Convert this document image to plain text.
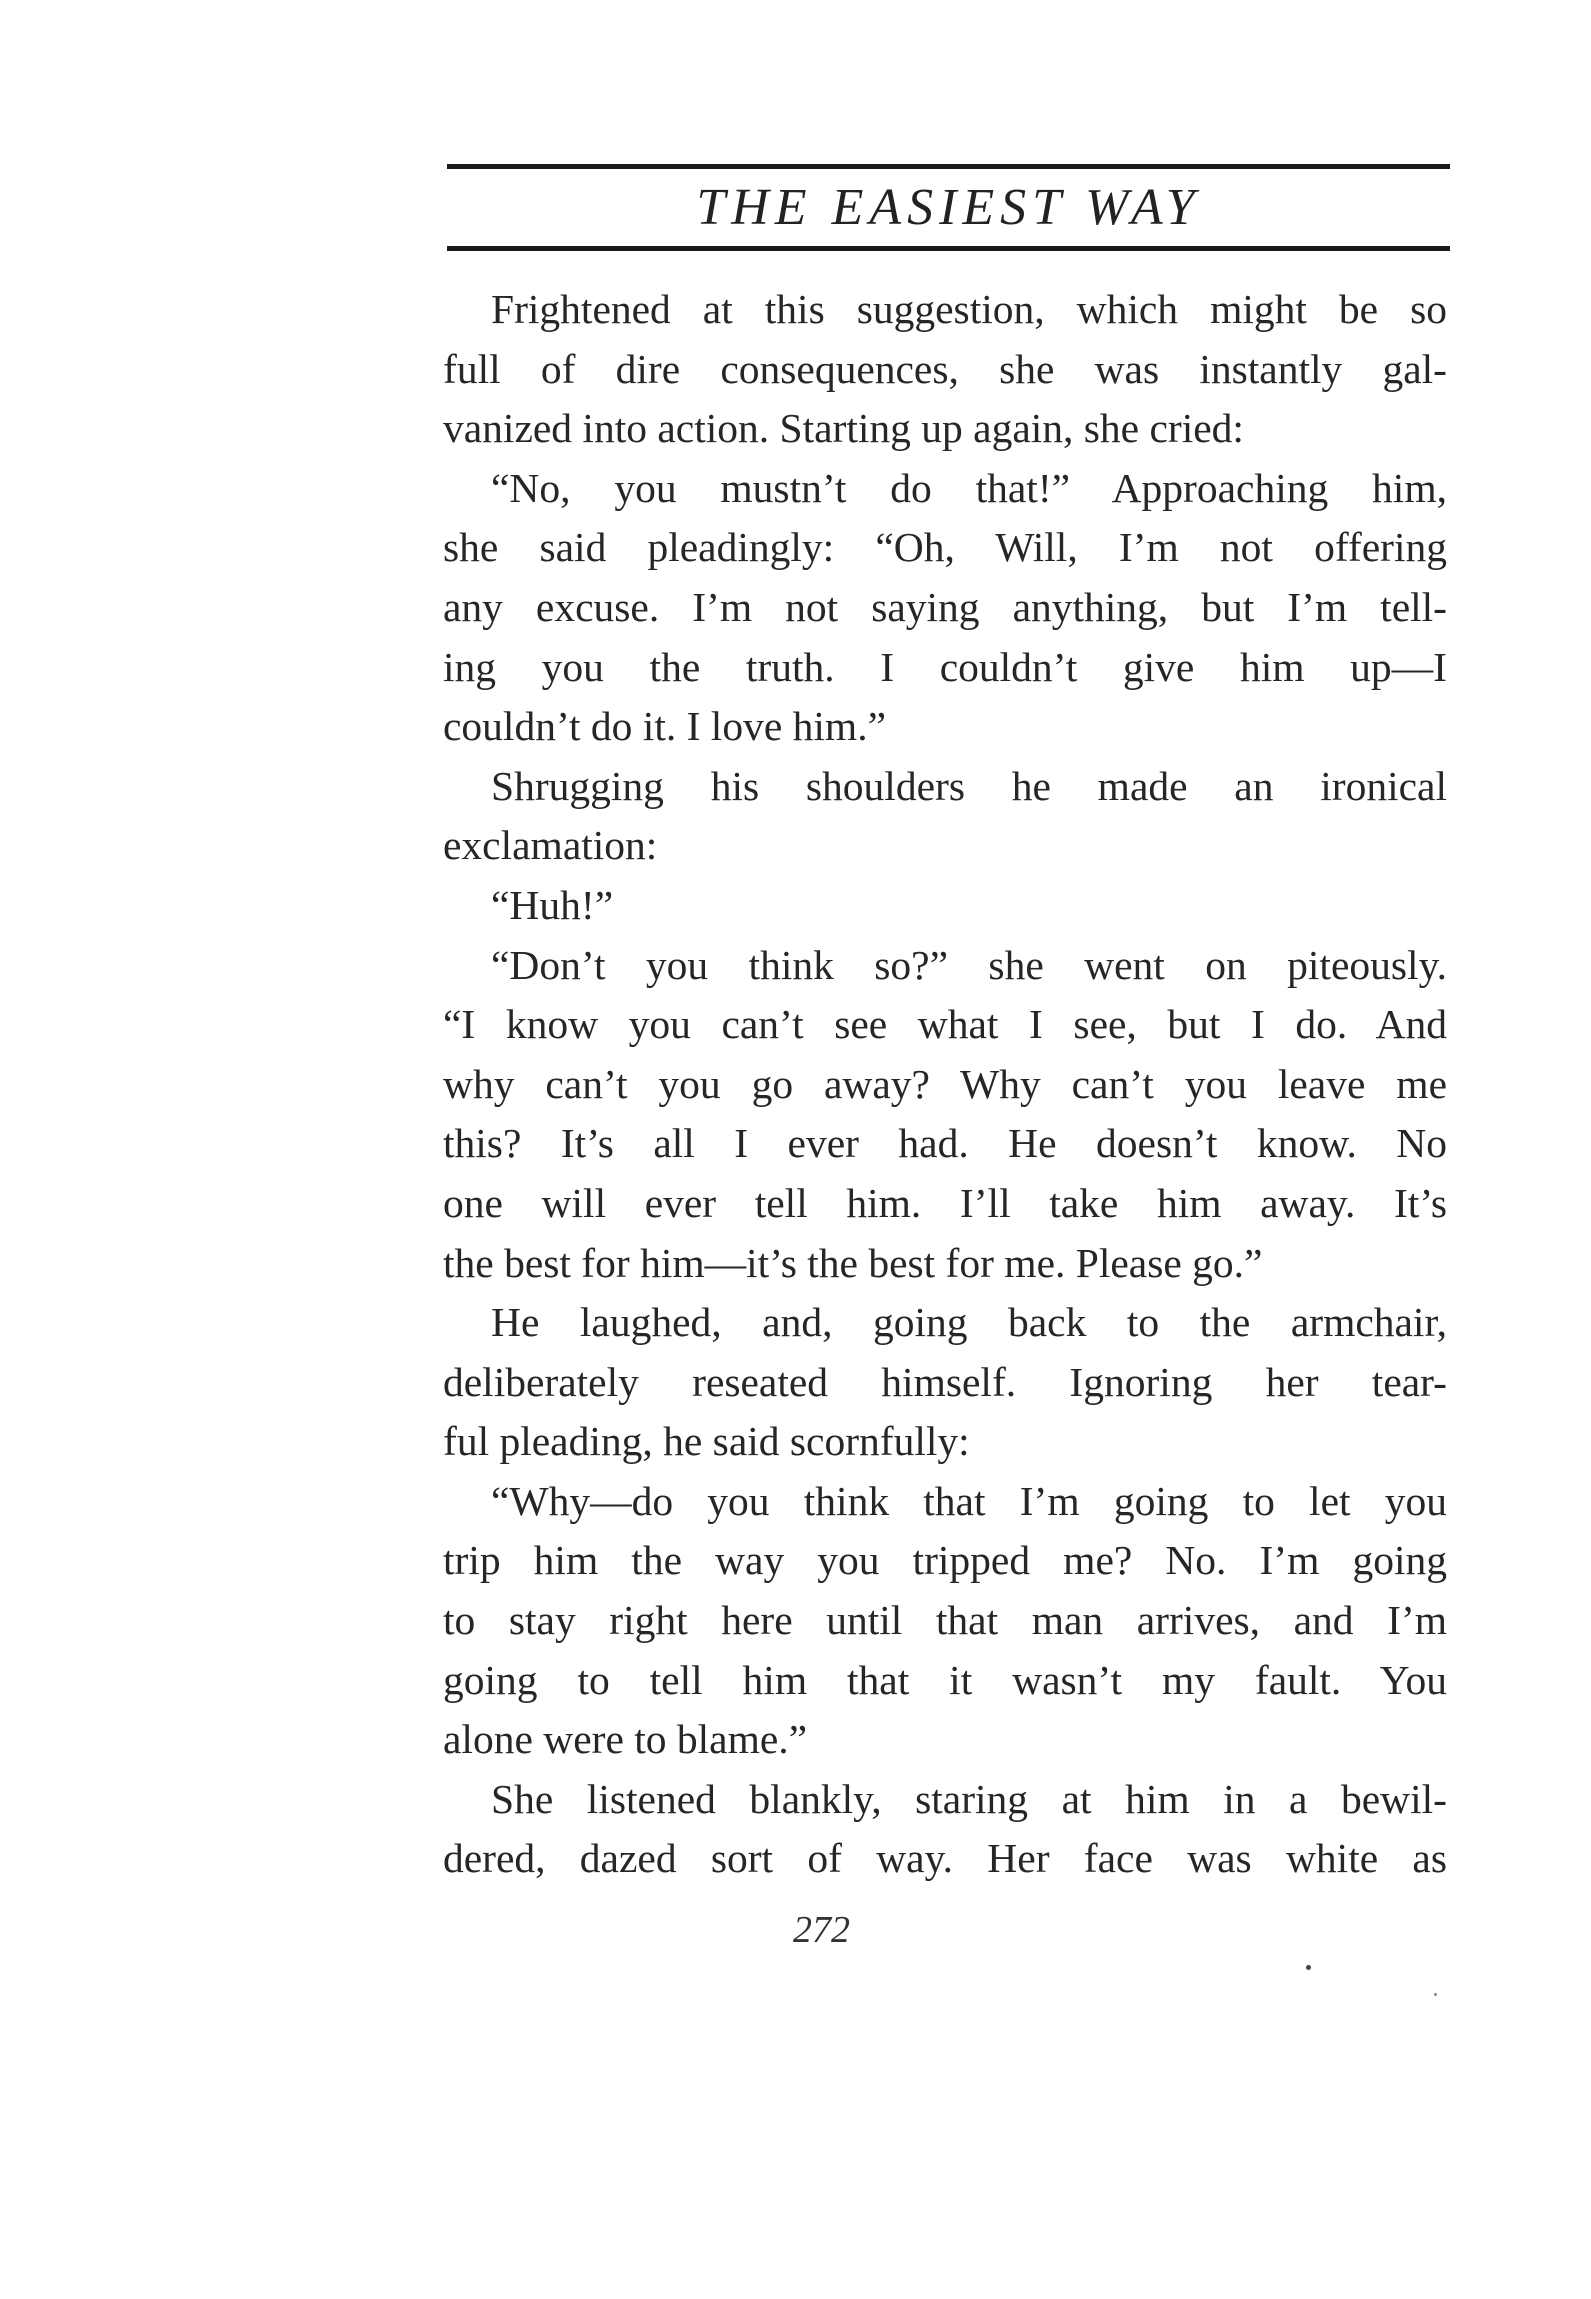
THE EASIEST WAY
Frightened at this suggestion, which might be so
full of dire consequences, she was instantly gal-
vanized into action. Starting up again, she cried:
“No, you mustn’t do that!” Approaching him,
she said pleadingly: “Oh, Will, I’m not offering
any excuse. I’m not saying anything, but I’m tell-
ing you the truth. I couldn’t give him up—I
couldn’t do it. I love him.”
Shrugging his shoulders he made an ironical
exclamation:
“Huh!”
“Don’t you think so?” she went on piteously.
“I know you can’t see what I see, but I do. And
why can’t you go away? Why can’t you leave me
this? It’s all I ever had. He doesn’t know. No
one will ever tell him. I’ll take him away. It’s
the best for him—it’s the best for me. Please go.”
He laughed, and, going back to the armchair,
deliberately reseated himself. Ignoring her tear-
ful pleading, he said scornfully:
“Why—do you think that I’m going to let you
trip him the way you tripped me? No. I’m going
to stay right here until that man arrives, and I’m
going to tell him that it wasn’t my fault. You
alone were to blame.”
She listened blankly, staring at him in a bewil-
dered, dazed sort of way. Her face was white as
272
